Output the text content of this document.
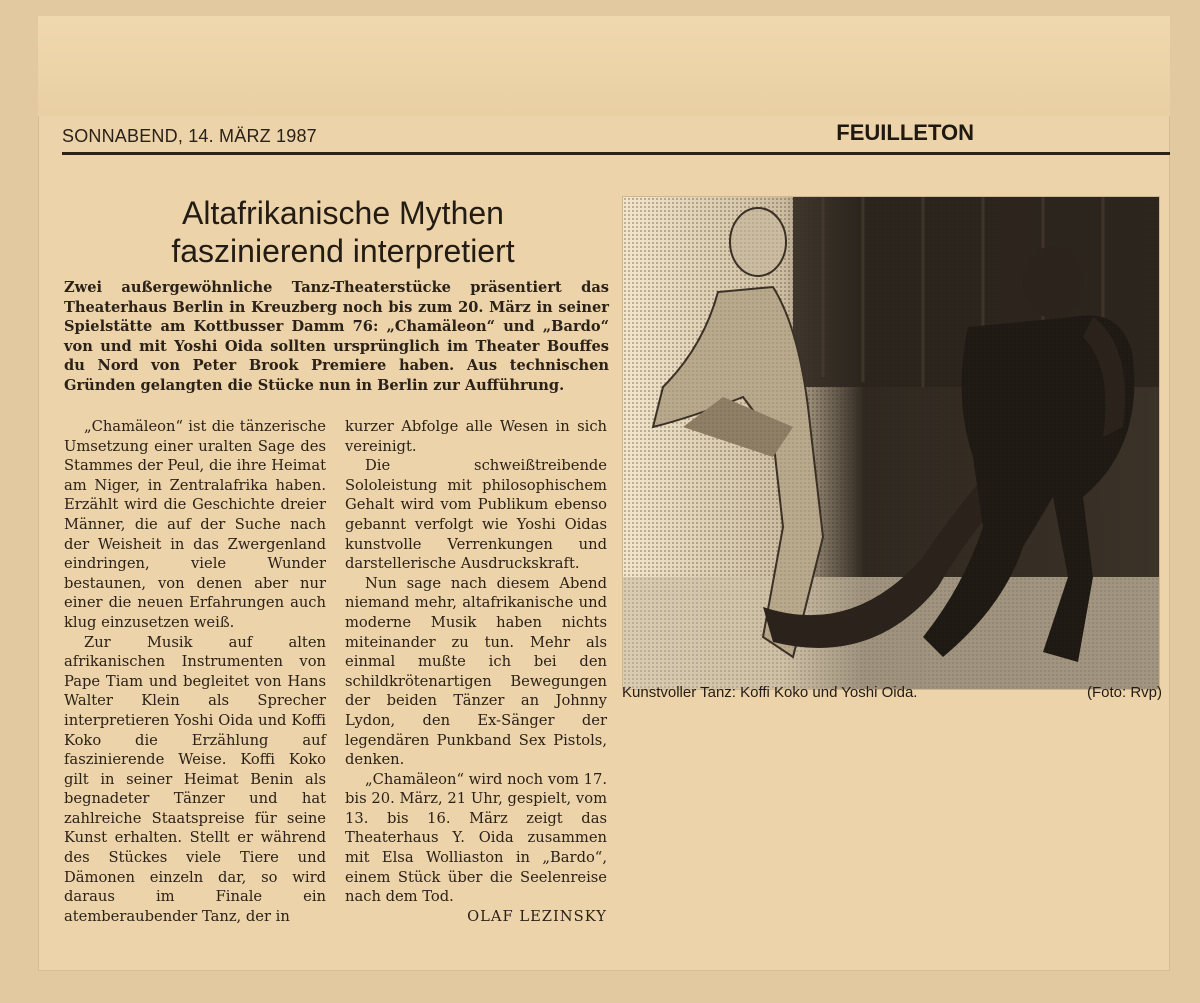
SONNABEND, 14. MÄRZ 1987	FEUILLETON
Altafrikanische Mythen
faszinierend interpretiert
Zwei außergewöhnliche Tanz-Theaterstücke präsentiert das Theaterhaus Berlin in Kreuzberg noch bis zum 20. März in seiner Spielstätte am Kottbusser Damm 76: „Chamäleon“ und „Bardo“ von und mit Yoshi Oida sollten ursprünglich im Theater Bouffes du Nord von Peter Brook Premiere haben. Aus technischen Gründen gelangten die Stücke nun in Berlin zur Aufführung.

„Chamäleon“ ist die tänzerische Umsetzung einer uralten Sage des Stammes der Peul, die ihre Heimat am Niger, in Zentralafrika haben. Erzählt wird die Geschichte dreier Männer, die auf der Suche nach der Weisheit in das Zwergenland eindringen, viele Wunder bestaunen, von denen aber nur einer die neuen Erfahrungen auch klug einzusetzen weiß.

Zur Musik auf alten afrikanischen Instrumenten von Pape Tiam und begleitet von Hans Walter Klein als Sprecher interpretieren Yoshi Oida und Koffi Koko die Erzählung auf faszinierende Weise. Koffi Koko gilt in seiner Heimat Benin als begnadeter Tänzer und hat zahlreiche Staatspreise für seine Kunst erhalten. Stellt er während des Stückes viele Tiere und Dämonen einzeln dar, so wird daraus im Finale ein atemberaubender Tanz, der in

kurzer Abfolge alle Wesen in sich vereinigt.

Die schweißtreibende Sololeistung mit philosophischem Gehalt wird vom Publikum ebenso gebannt verfolgt wie Yoshi Oidas kunstvolle Verrenkungen und darstellerische Ausdruckskraft.

Nun sage nach diesem Abend niemand mehr, altafrikanische und moderne Musik haben nichts miteinander zu tun. Mehr als einmal mußte ich bei den schildkrötenartigen Bewegungen der beiden Tänzer an Johnny Lydon, den Ex-Sänger der legendären Punkband Sex Pistols, denken.

„Chamäleon“ wird noch vom 17. bis 20. März, 21 Uhr, gespielt, vom 13. bis 16. März zeigt das Theaterhaus Y. Oida zusammen mit Elsa Wolliaston in „Bardo“, einem Stück über die Seelenreise nach dem Tod.

OLAF LEZINSKY
Kunstvoller Tanz: Koffi Koko und Yoshi Oida.	(Foto: Rvp)
